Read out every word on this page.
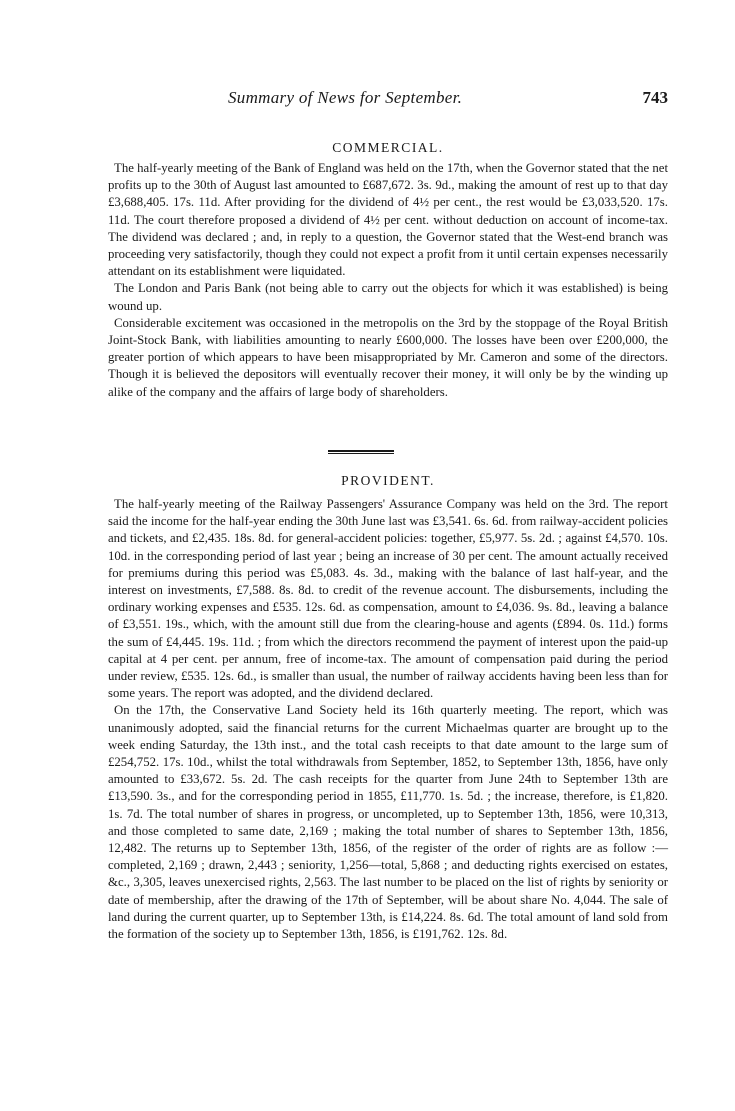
Summary of News for September.	743
COMMERCIAL.

The half-yearly meeting of the Bank of England was held on the 17th, when the Governor stated that the net profits up to the 30th of August last amounted to £687,672. 3s. 9d., making the amount of rest up to that day £3,688,405. 17s. 11d. After providing for the dividend of 4½ per cent., the rest would be £3,033,520. 17s. 11d. The court therefore proposed a dividend of 4½ per cent. without deduction on account of income-tax. The dividend was declared ; and, in reply to a question, the Governor stated that the West-end branch was proceeding very satisfactorily, though they could not expect a profit from it until certain expenses necessarily attendant on its establishment were liquidated.

The London and Paris Bank (not being able to carry out the objects for which it was established) is being wound up.

Considerable excitement was occasioned in the metropolis on the 3rd by the stoppage of the Royal British Joint-Stock Bank, with liabilities amounting to nearly £600,000. The losses have been over £200,000, the greater portion of which appears to have been misappropriated by Mr. Cameron and some of the directors. Though it is believed the depositors will eventually recover their money, it will only be by the winding up alike of the company and the affairs of large body of shareholders.

PROVIDENT.

The half-yearly meeting of the Railway Passengers' Assurance Company was held on the 3rd. The report said the income for the half-year ending the 30th June last was £3,541. 6s. 6d. from railway-accident policies and tickets, and £2,435. 18s. 8d. for general-accident policies: together, £5,977. 5s. 2d. ; against £4,570. 10s. 10d. in the corresponding period of last year ; being an increase of 30 per cent. The amount actually received for premiums during this period was £5,083. 4s. 3d., making with the balance of last half-year, and the interest on investments, £7,588. 8s. 8d. to credit of the revenue account. The disbursements, including the ordinary working expenses and £535. 12s. 6d. as compensation, amount to £4,036. 9s. 8d., leaving a balance of £3,551. 19s., which, with the amount still due from the clearing-house and agents (£894. 0s. 11d.) forms the sum of £4,445. 19s. 11d. ; from which the directors recommend the payment of interest upon the paid-up capital at 4 per cent. per annum, free of income-tax. The amount of compensation paid during the period under review, £535. 12s. 6d., is smaller than usual, the number of railway accidents having been less than for some years. The report was adopted, and the dividend declared.

On the 17th, the Conservative Land Society held its 16th quarterly meeting. The report, which was unanimously adopted, said the financial returns for the current Michaelmas quarter are brought up to the week ending Saturday, the 13th inst., and the total cash receipts to that date amount to the large sum of £254,752. 17s. 10d., whilst the total withdrawals from September, 1852, to September 13th, 1856, have only amounted to £33,672. 5s. 2d. The cash receipts for the quarter from June 24th to September 13th are £13,590. 3s., and for the corresponding period in 1855, £11,770. 1s. 5d. ; the increase, therefore, is £1,820. 1s. 7d. The total number of shares in progress, or uncompleted, up to September 13th, 1856, were 10,313, and those completed to same date, 2,169 ; making the total number of shares to September 13th, 1856, 12,482. The returns up to September 13th, 1856, of the register of the order of rights are as follow :—completed, 2,169 ; drawn, 2,443 ; seniority, 1,256—total, 5,868 ; and deducting rights exercised on estates, &c., 3,305, leaves unexercised rights, 2,563. The last number to be placed on the list of rights by seniority or date of membership, after the drawing of the 17th of September, will be about share No. 4,044. The sale of land during the current quarter, up to September 13th, is £14,224. 8s. 6d. The total amount of land sold from the formation of the society up to September 13th, 1856, is £191,762. 12s. 8d.
